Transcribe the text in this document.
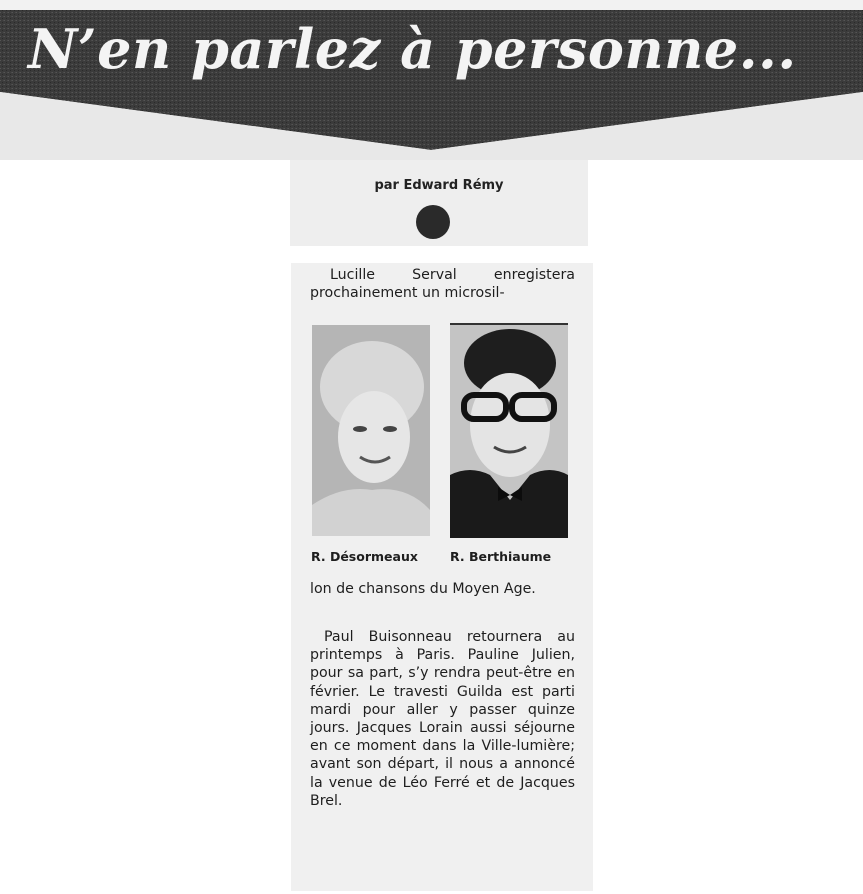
N’en parlez à personne...
par Edward Rémy

Lucille Serval enregistera prochainement un microsil-

R. Désormeaux	R. Berthiaume

lon de chansons du Moyen Age.

Paul Buisonneau retournera au printemps à Paris. Pauline Julien, pour sa part, s’y rendra peut-être en février. Le travesti Guilda est parti mardi pour aller y passer quinze jours. Jacques Lorain aussi séjourne en ce moment dans la Ville-lumière; avant son départ, il nous a annoncé la venue de Léo Ferré et de Jacques Brel.
